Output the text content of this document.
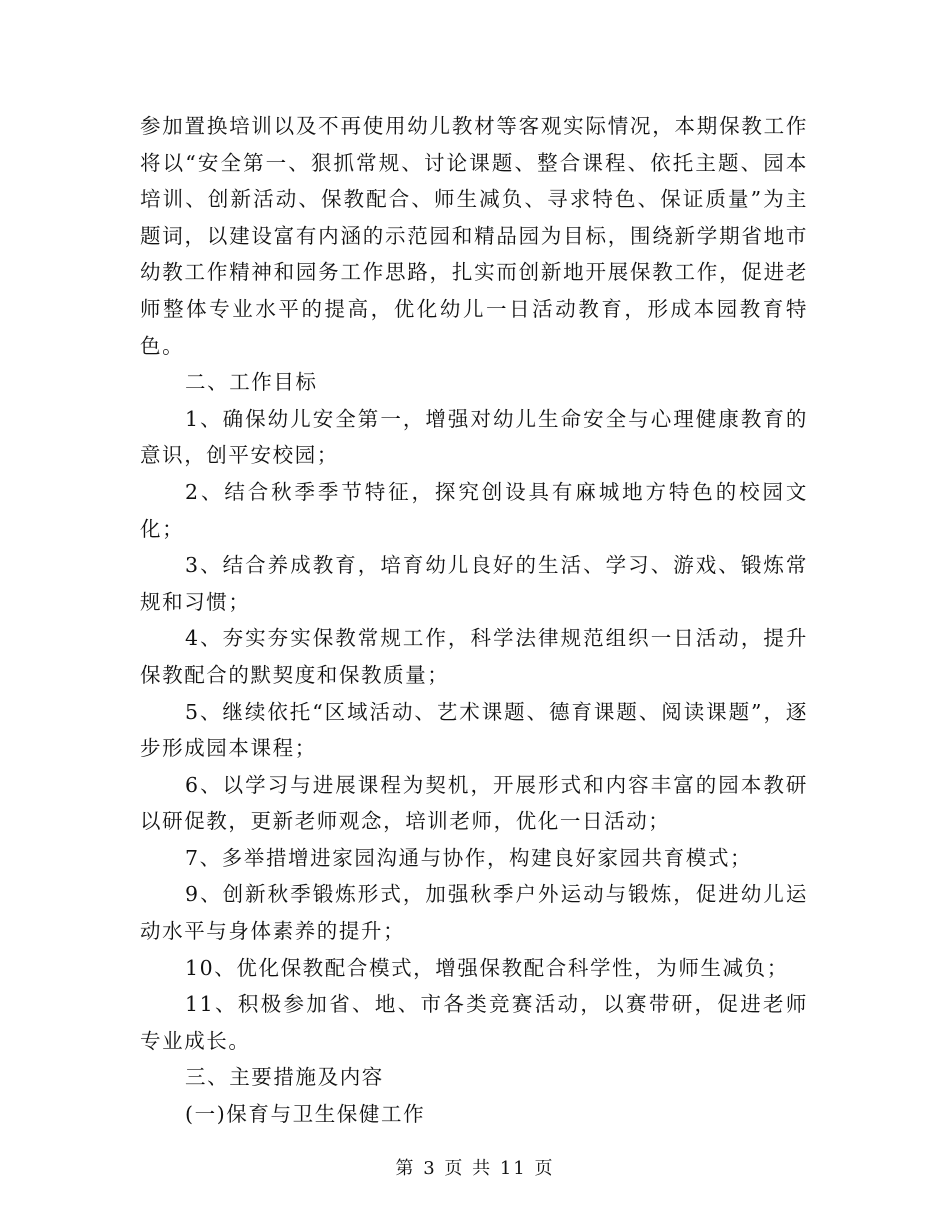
参加置换培训以及不再使用幼儿教材等客观实际情况，本期保教工作将以“安全第一、狠抓常规、讨论课题、整合课程、依托主题、园本培训、创新活动、保教配合、师生减负、寻求特色、保证质量”为主题词，以建设富有内涵的示范园和精品园为目标，围绕新学期省地市幼教工作精神和园务工作思路，扎实而创新地开展保教工作，促进老师整体专业水平的提高，优化幼儿一日活动教育，形成本园教育特色。

二、工作目标

1、确保幼儿安全第一，增强对幼儿生命安全与心理健康教育的意识，创平安校园；

2、结合秋季季节特征，探究创设具有麻城地方特色的校园文化；

3、结合养成教育，培育幼儿良好的生活、学习、游戏、锻炼常规和习惯；

4、夯实夯实保教常规工作，科学法律规范组织一日活动，提升保教配合的默契度和保教质量；

5、继续依托“区域活动、艺术课题、德育课题、阅读课题”，逐步形成园本课程；

6、以学习与进展课程为契机，开展形式和内容丰富的园本教研以研促教，更新老师观念，培训老师，优化一日活动；

7、多举措增进家园沟通与协作，构建良好家园共育模式；

9、创新秋季锻炼形式，加强秋季户外运动与锻炼，促进幼儿运动水平与身体素养的提升；

10、优化保教配合模式，增强保教配合科学性，为师生减负；

11、积极参加省、地、市各类竞赛活动，以赛带研，促进老师专业成长。

三、主要措施及内容

(一)保育与卫生保健工作

第 3 页 共 11 页
